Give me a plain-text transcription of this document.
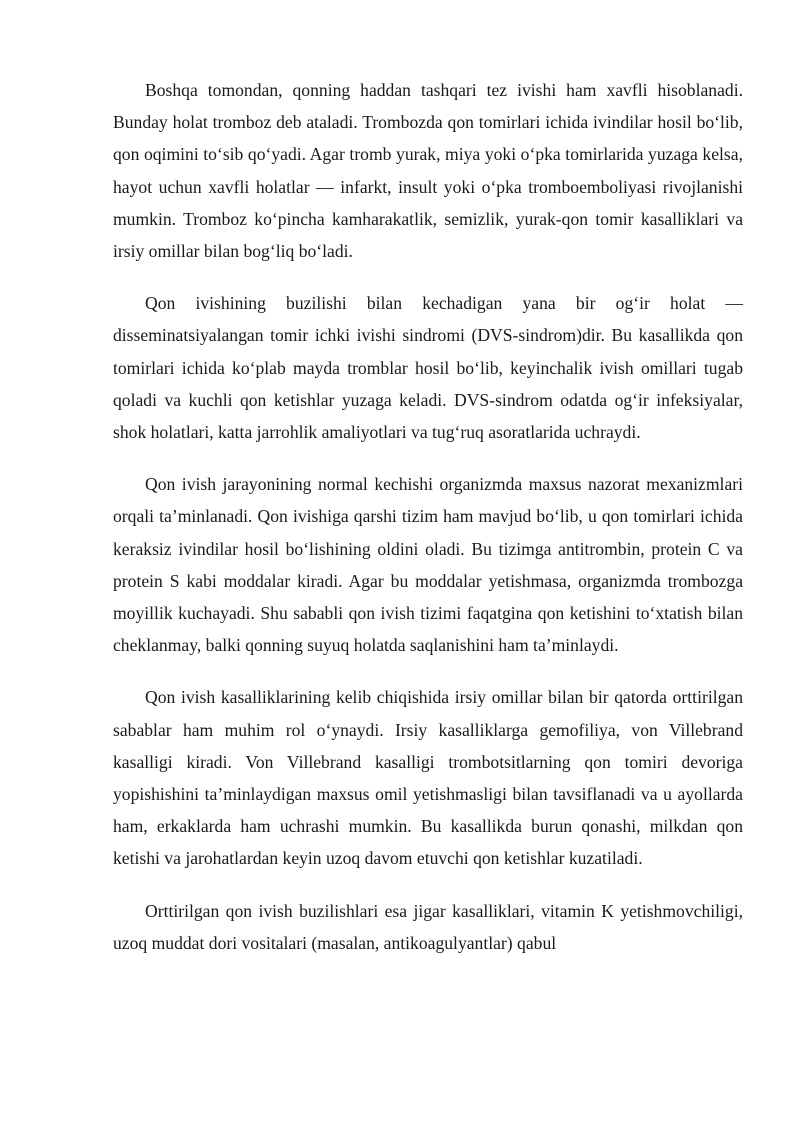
Boshqa tomondan, qonning haddan tashqari tez ivishi ham xavfli hisoblanadi. Bunday holat tromboz deb ataladi. Trombozda qon tomirlari ichida ivindilar hosil bo‘lib, qon oqimini to‘sib qo‘yadi. Agar tromb yurak, miya yoki o‘pka tomirlarida yuzaga kelsa, hayot uchun xavfli holatlar — infarkt, insult yoki o‘pka tromboemboliyasi rivojlanishi mumkin. Tromboz ko‘pincha kamharakatlik, semizlik, yurak-qon tomir kasalliklari va irsiy omillar bilan bog‘liq bo‘ladi.

Qon ivishining buzilishi bilan kechadigan yana bir og‘ir holat — disseminatsiyalangan tomir ichki ivishi sindromi (DVS-sindrom)dir. Bu kasallikda qon tomirlari ichida ko‘plab mayda tromblar hosil bo‘lib, keyinchalik ivish omillari tugab qoladi va kuchli qon ketishlar yuzaga keladi. DVS-sindrom odatda og‘ir infeksiyalar, shok holatlari, katta jarrohlik amaliyotlari va tug‘ruq asoratlarida uchraydi.

Qon ivish jarayonining normal kechishi organizmda maxsus nazorat mexanizmlari orqali ta’minlanadi. Qon ivishiga qarshi tizim ham mavjud bo‘lib, u qon tomirlari ichida keraksiz ivindilar hosil bo‘lishining oldini oladi. Bu tizimga antitrombin, protein C va protein S kabi moddalar kiradi. Agar bu moddalar yetishmasa, organizmda trombozga moyillik kuchayadi. Shu sababli qon ivish tizimi faqatgina qon ketishini to‘xtatish bilan cheklanmay, balki qonning suyuq holatda saqlanishini ham ta’minlaydi.

Qon ivish kasalliklarining kelib chiqishida irsiy omillar bilan bir qatorda orttirilgan sabablar ham muhim rol o‘ynaydi. Irsiy kasalliklarga gemofiliya, von Villebrand kasalligi kiradi. Von Villebrand kasalligi trombotsitlarning qon tomiri devoriga yopishishini ta’minlaydigan maxsus omil yetishmasligi bilan tavsiflanadi va u ayollarda ham, erkaklarda ham uchrashi mumkin. Bu kasallikda burun qonashi, milkdan qon ketishi va jarohatlardan keyin uzoq davom etuvchi qon ketishlar kuzatiladi.

Orttirilgan qon ivish buzilishlari esa jigar kasalliklari, vitamin K yetishmovchiligi, uzoq muddat dori vositalari (masalan, antikoagulyantlar) qabul
